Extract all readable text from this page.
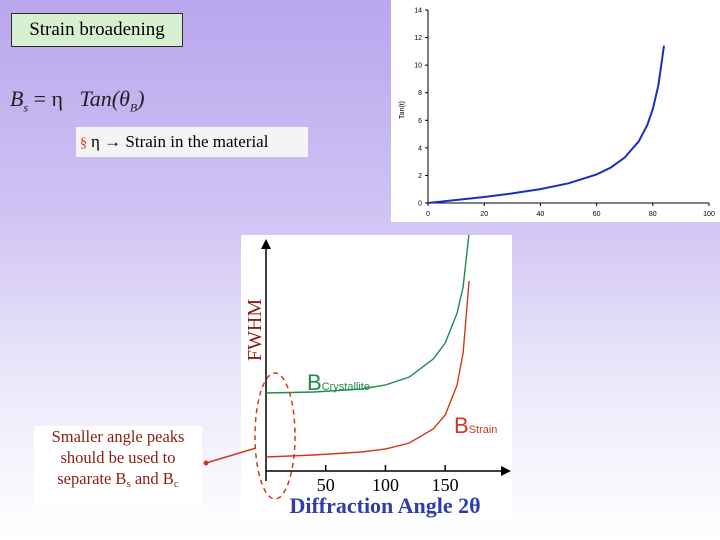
Strain broadening
$B_s = \eta$   $Tan(\theta_B)$
§ η → Strain in the material
0
2
4
6
8
10
12
14
0	20	40	60	80	100
Tan(t)
FWHM
50 100 150
BCrystallite
BStrain
Diffraction Angle 2θ
Smaller angle peaks
should be used to
separate $B_s$ and $B_c$
